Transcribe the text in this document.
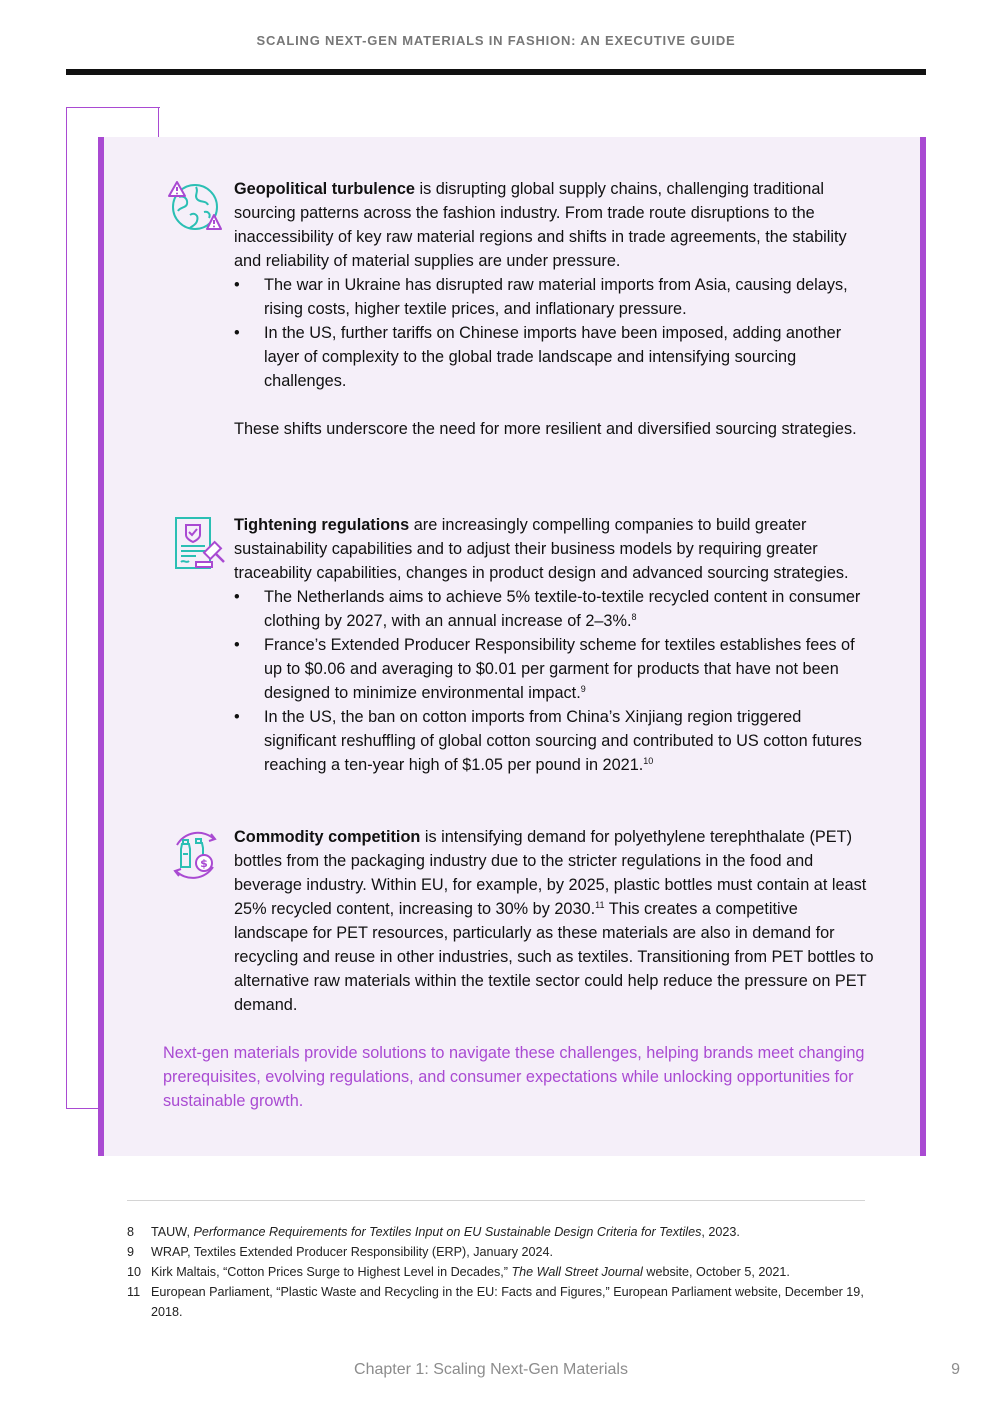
SCALING NEXT-GEN MATERIALS IN FASHION: AN EXECUTIVE GUIDE

Geopolitical turbulence is disrupting global supply chains, challenging traditional sourcing patterns across the fashion industry. From trade route disruptions to the inaccessibility of key raw material regions and shifts in trade agreements, the stability and reliability of material supplies are under pressure.

• The war in Ukraine has disrupted raw material imports from Asia, causing delays, rising costs, higher textile prices, and inflationary pressure.
• In the US, further tariffs on Chinese imports have been imposed, adding another layer of complexity to the global trade landscape and intensifying sourcing challenges.

These shifts underscore the need for more resilient and diversified sourcing strategies.

Tightening regulations are increasingly compelling companies to build greater sustainability capabilities and to adjust their business models by requiring greater traceability capabilities, changes in product design and advanced sourcing strategies.

• The Netherlands aims to achieve 5% textile-to-textile recycled content in consumer clothing by 2027, with an annual increase of 2–3%.$^8$
• France’s Extended Producer Responsibility scheme for textiles establishes fees of up to $0.06 and averaging to $0.01 per garment for products that have not been designed to minimize environmental impact.$^9$
• In the US, the ban on cotton imports from China’s Xinjiang region triggered significant reshuffling of global cotton sourcing and contributed to US cotton futures reaching a ten-year high of $1.05 per pound in 2021.10
$

Commodity competition is intensifying demand for polyethylene terephthalate (PET) bottles from the packaging industry due to the stricter regulations in the food and beverage industry. Within EU, for example, by 2025, plastic bottles must contain at least 25% recycled content, increasing to 30% by 2030.11 This creates a competitive landscape for PET resources, particularly as these materials are also in demand for recycling and reuse in other industries, such as textiles. Transitioning from PET bottles to alternative raw materials within the textile sector could help reduce the pressure on PET demand.

Next-gen materials provide solutions to navigate these challenges, helping brands meet changing prerequisites, evolving regulations, and consumer expectations while unlocking opportunities for sustainable growth.
8 TAUW, Performance Requirements for Textiles Input on EU Sustainable Design Criteria for Textiles, 2023.
9 WRAP, Textiles Extended Producer Responsibility (ERP), January 2024.
10 Kirk Maltais, “Cotton Prices Surge to Highest Level in Decades,” The Wall Street Journal website, October 5, 2021.
11 European Parliament, “Plastic Waste and Recycling in the EU: Facts and Figures,” European Parliament website, December 19, 2018.
Chapter 1: Scaling Next-Gen Materials	9
